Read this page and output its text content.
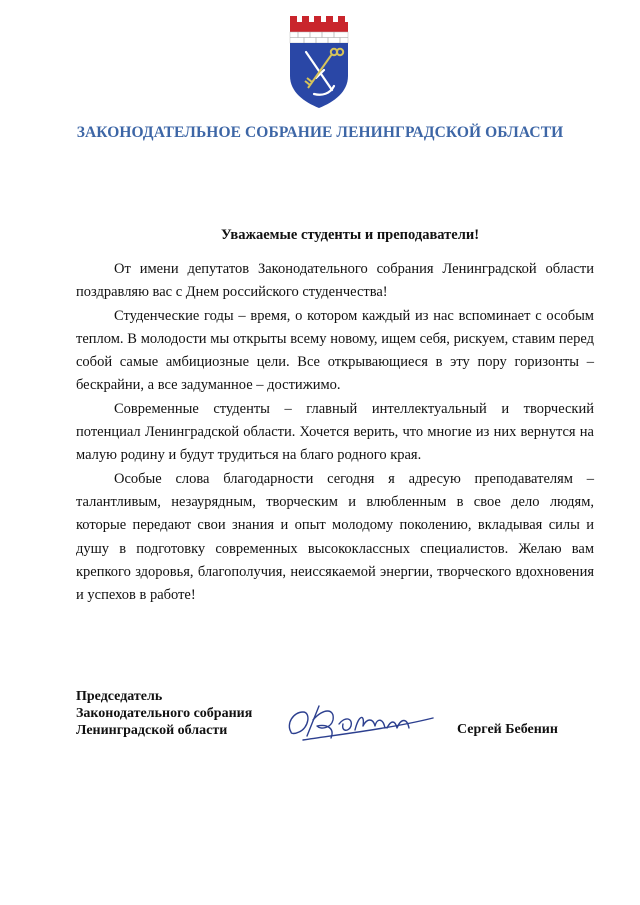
ЗАКОНОДАТЕЛЬНОЕ СОБРАНИЕ ЛЕНИНГРАДСКОЙ ОБЛАСТИ
Уважаемые студенты и преподаватели!

От имени депутатов Законодательного собрания Ленинградской области поздравляю вас с Днем российского студенчества!

Студенческие годы – время, о котором каждый из нас вспоминает с особым теплом. В молодости мы открыты всему новому, ищем себя, рискуем, ставим перед собой самые амбициозные цели. Все открывающиеся в эту пору горизонты – бескрайни, а все задуманное – достижимо.

Современные студенты – главный интеллектуальный и творческий потенциал Ленинградской области. Хочется верить, что многие из них вернутся на малую родину и будут трудиться на благо родного края.

Особые слова благодарности сегодня я адресую преподавателям – талантливым, незаурядным, творческим и влюбленным в свое дело людям, которые передают свои знания и опыт молодому поколению, вкладывая силы и душу в подготовку современных высококлассных специалистов. Желаю вам крепкого здоровья, благополучия, неиссякаемой энергии, творческого вдохновения и успехов в работе!

Председатель
Законодательного собрания
Ленинградской области	Сергей Бебенин
